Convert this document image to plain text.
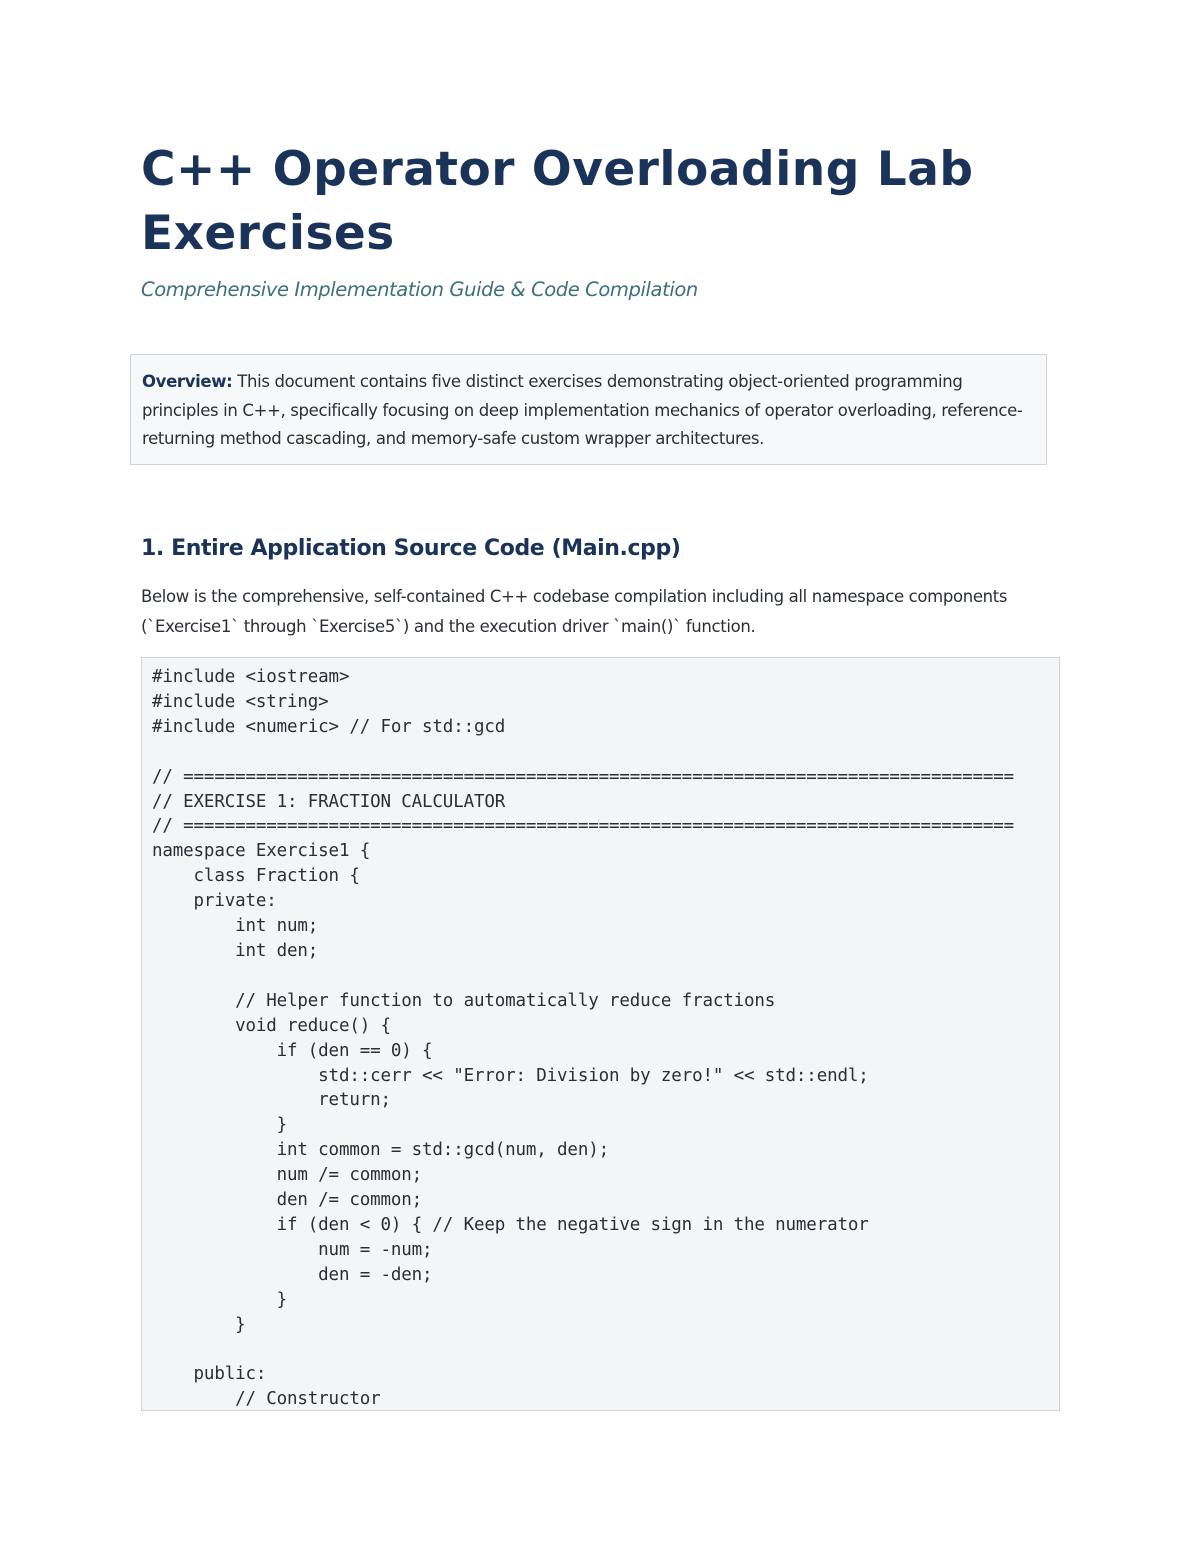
C++ Operator Overloading Lab Exercises

Comprehensive Implementation Guide & Code Compilation

Overview: This document contains five distinct exercises demonstrating object-oriented programming principles in C++, specifically focusing on deep implementation mechanics of operator overloading, reference-returning method cascading, and memory-safe custom wrapper architectures.
1. Entire Application Source Code (Main.cpp)

Below is the comprehensive, self-contained C++ codebase compilation including all namespace components (`Exercise1` through `Exercise5`) and the execution driver `main()` function.

#include <iostream>
#include <string>
#include <numeric> // For std::gcd

// ================================================================================
// EXERCISE 1: FRACTION CALCULATOR
// ================================================================================
namespace Exercise1 {
class Fraction {
private:
int num;
int den;

// Helper function to automatically reduce fractions
void reduce() {
if (den == 0) {
std::cerr << "Error: Division by zero!" << std::endl;
return;
}
int common = std::gcd(num, den);
num /= common;
den /= common;
if (den < 0) { // Keep the negative sign in the numerator
num = -num;
den = -den;
}
}

public:
// Constructor
